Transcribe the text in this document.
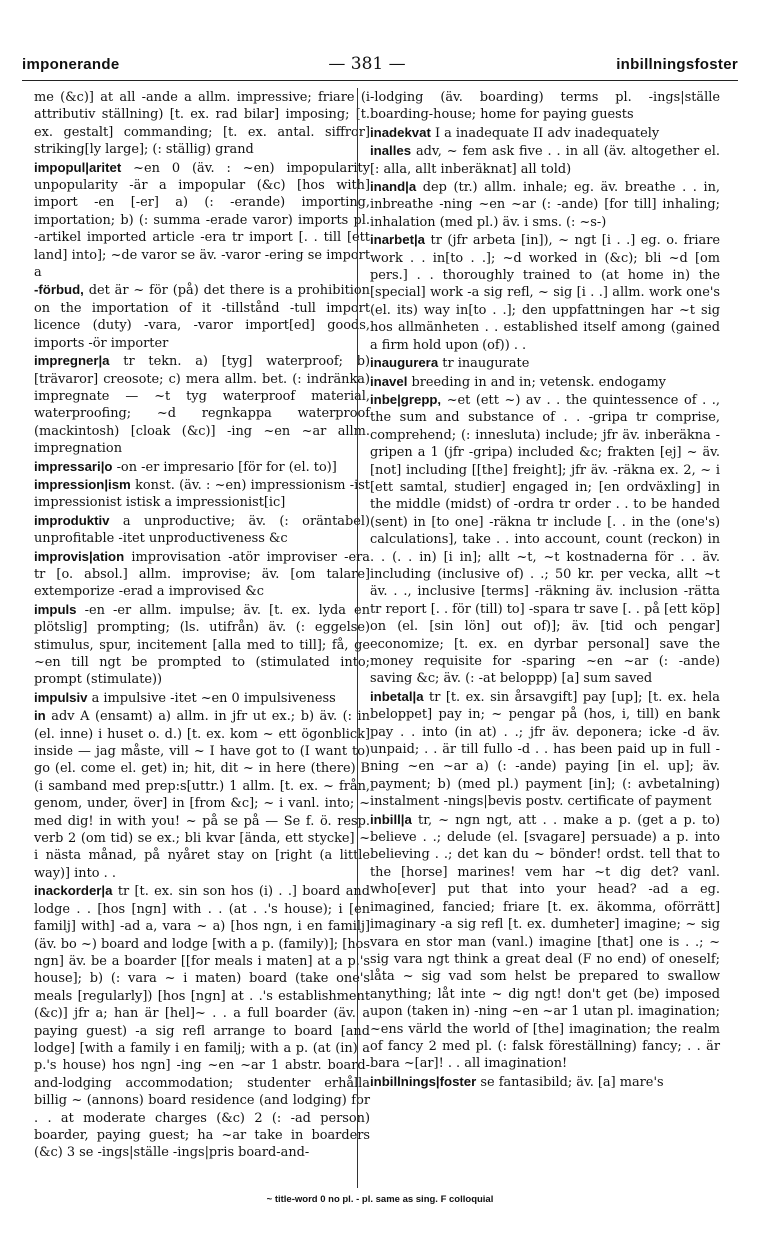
imponerande	— 381 —	inbillningsfoster

me (&c)] at all -ande a allm. impressive; friare (i attributiv ställning) [t. ex. rad bilar] imposing; [t. ex. gestalt] commanding; [t. ex. antal. siffror] striking[ly large]; (: ställig) grand

impopul|aritet ~en 0 (äv. : ~en) impopularity unpopularity -är a impopular (&c) [hos with] import -en [-er] a) (: -erande) importing, importation; b) (: summa -erade varor) imports pl. -artikel imported article -era tr import [. . till [ett land] into]; ~de varor se äv. -varor -ering se import a

-förbud, det är ~ för (på) det there is a prohibition on the importation of it -tillstånd -tull import licence (duty) -vara, -varor import[ed] goods, imports -ör importer

impregner|a tr tekn. a) [tyg] waterproof; b) [trävaror] creosote; c) mera allm. bet. (: indränka) impregnate — ~t tyg waterproof material, waterproofing; ~d regnkappa waterproof (mackintosh) [cloak (&c)] -ing ~en ~ar allm. impregnation

impressari|o -on -er impresario [för for (el. to)]

impression|ism konst. (äv. : ~en) impressionism -ist impressionist istisk a impressionist[ic]

improduktiv a unproductive; äv. (: oräntabel) unprofitable -itet unproductiveness &c

improvis|ation improvisation -atör improviser -era tr [o. absol.] allm. improvise; äv. [om talare] extemporize -erad a improvised &c

impuls -en -er allm. impulse; äv. [t. ex. lyda en plötslig] prompting; (ls. utifrån) äv. (: eggelse) stimulus, spur, incitement [alla med to till]; få, ge ~en till ngt be prompted to (stimulated into; prompt (stimulate))

impulsiv a impulsive -itet ~en 0 impulsiveness

in adv A (ensamt) a) allm. in jfr ut ex.; b) äv. (: in (el. inne) i huset o. d.) [t. ex. kom ~ ett ögonblick] inside — jag måste, vill ~ I have got to (I want to) go (el. come el. get) in; hit, dit ~ in here (there) B (i samband med prep:s[uttr.) 1 allm. [t. ex. ~ från, genom, under, över] in [from &c]; ~ i vanl. into; ~ med dig! in with you! ~ på se på — Se f. ö. resp. verb 2 (om tid) se ex.; bli kvar [ända, ett stycke] ~ i nästa månad, på nyåret stay on [right (a little way)] into . .

inackorder|a tr [t. ex. sin son hos (i) . .] board and lodge . . [hos [ngn] with . . (at . .'s house); i [en familj] with] -ad a, vara ~ a) [hos ngn, i en familj] (äv. bo ~) board and lodge [with a p. (family)]; [hos ngn] äv. be a boarder [[for meals i maten] at a p.'s house]; b) (: vara ~ i maten) board (take one's meals [regularly]) [hos [ngn] at . .'s establishment (&c)] jfr a; han är [hel]~ . . a full boarder (äv. a paying guest) -a sig refl arrange to board [and lodge] [with a family i en familj; with a p. (at (in) a p.'s house) hos ngn] -ing ~en ~ar 1 abstr. board-and-lodging accommodation; studenter erhålla billig ~ (annons) board residence (and lodging) for . . at moderate charges (&c) 2 (: -ad person) boarder, paying guest; ha ~ar take in boarders (&c) 3 se -ings|ställe -ings|pris board-and-

-lodging (äv. boarding) terms pl. -ings|ställe boarding-house; home for paying guests

inadekvat I a inadequate II adv inadequately

inalles adv, ~ fem ask five . . in all (äv. altogether el. [: alla, allt inberäknat] all told)

inand|a dep (tr.) allm. inhale; eg. äv. breathe . . in, inbreathe -ning ~en ~ar (: -ande) [for till] inhaling; inhalation (med pl.) äv. i sms. (: ~s-)

inarbet|a tr (jfr arbeta [in]), ~ ngt [i . .] eg. o. friare work . . in[to . .]; ~d worked in (&c); bli ~d [om pers.] . . thoroughly trained to (at home in) the [special] work -a sig refl, ~ sig [i . .] allm. work one's (el. its) way in[to . .]; den uppfattningen har ~t sig hos allmänheten . . established itself among (gained a firm hold upon (of)) . .

inaugurera tr inaugurate

inavel breeding in and in; vetensk. endogamy

inbe|grepp, ~et (ett ~) av . . the quintessence of . ., the sum and substance of . . -gripa tr comprise, comprehend; (: innesluta) include; jfr äv. inberäkna -gripen a 1 (jfr -gripa) included &c; frakten [ej] ~ äv. [not] including [[the] freight]; jfr äv. -räkna ex. 2, ~ i [ett samtal, studier] engaged in; [en ordväxling] in the middle (midst) of -ordra tr order . . to be handed (sent) in [to one] -räkna tr include [. . in the (one's) calculations], take . . into account, count (reckon) in . . (. . in) [i in]; allt ~t, ~t kostnaderna för . . äv. including (inclusive of) . .; 50 kr. per vecka, allt ~t äv. . ., inclusive [terms] -räkning äv. inclusion -rätta tr report [. . för (till) to] -spara tr save [. . på [ett köp] on (el. [sin lön] out of)]; äv. [tid och pengar] economize; [t. ex. en dyrbar personal] save the money requisite for -sparing ~en ~ar (: -ande) saving &c; äv. (: -at beloppp) [a] sum saved

inbetal|a tr [t. ex. sin årsavgift] pay [up]; [t. ex. hela beloppet] pay in; ~ pengar på (hos, i, till) en bank pay . . into (in at) . .; jfr äv. deponera; icke -d äv. unpaid; . . är till fullo -d . . has been paid up in full -ning ~en ~ar a) (: -ande) paying [in el. up]; äv. payment; b) (med pl.) payment [in]; (: avbetalning) instalment -nings|bevis postv. certificate of payment

inbill|a tr, ~ ngn ngt, att . . make a p. (get a p. to) believe . .; delude (el. [svagare] persuade) a p. into believing . .; det kan du ~ bönder! ordst. tell that to the [horse] marines! vem har ~t dig det? vanl. who[ever] put that into your head? -ad a eg. imagined, fancied; friare [t. ex. äkomma, oförrätt] imaginary -a sig refl [t. ex. dumheter] imagine; ~ sig vara en stor man (vanl.) imagine [that] one is . .; ~ sig vara ngt think a great deal (F no end) of oneself; låta ~ sig vad som helst be prepared to swallow anything; låt inte ~ dig ngt! don't get (be) imposed upon (taken in) -ning ~en ~ar 1 utan pl. imagination; ~ens värld the world of [the] imagination; the realm of fancy 2 med pl. (: falsk föreställning) fancy; . . är bara ~[ar]! . . all imagination!

inbillnings|foster se fantasibild; äv. [a] mare's

~ title-word 0 no pl. - pl. same as sing. F colloquial
